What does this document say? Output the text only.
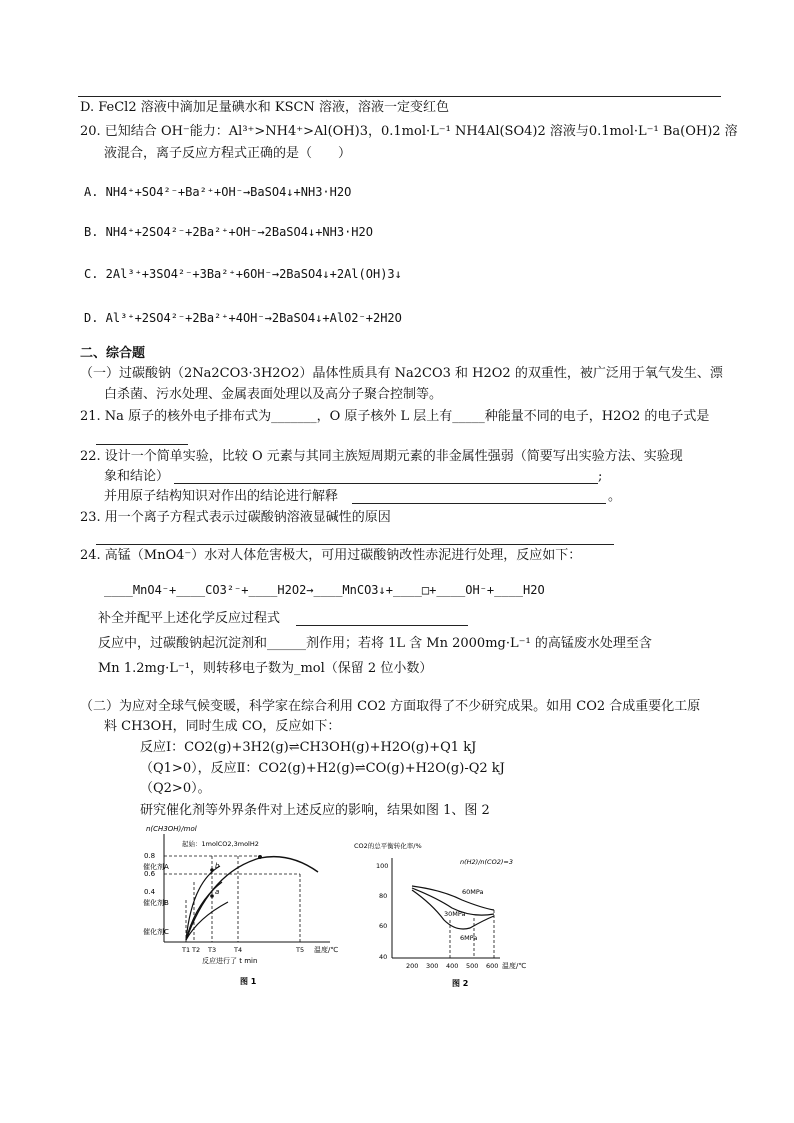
D. FeCl2 溶液中滴加足量碘水和 KSCN 溶液，溶液一定变红色
20. 已知结合 OH⁻能力：Al³⁺>NH4⁺>Al(OH)3，0.1mol·L⁻¹ NH4Al(SO4)2 溶液与0.1mol·L⁻¹ Ba(OH)2 溶
液混合，离子反应方程式正确的是（　　）
A. NH4⁺+SO4²⁻+Ba²⁺+OH⁻→BaSO4↓+NH3·H2O
B. NH4⁺+2SO4²⁻+2Ba²⁺+OH⁻→2BaSO4↓+NH3·H2O
C. 2Al³⁺+3SO4²⁻+3Ba²⁺+6OH⁻→2BaSO4↓+2Al(OH)3↓
D. Al³⁺+2SO4²⁻+2Ba²⁺+4OH⁻→2BaSO4↓+AlO2⁻+2H2O
二、综合题
（一）过碳酸钠（2Na2CO3·3H2O2）晶体性质具有 Na2CO3 和 H2O2 的双重性，被广泛用于氧气发生、漂
白杀菌、污水处理、金属表面处理以及高分子聚合控制等。
21. Na 原子的核外电子排布式为_______，O 原子核外 L 层上有_____种能量不同的电子，H2O2 的电子式是
22. 设计一个简单实验，比较 O 元素与其同主族短周期元素的非金属性强弱（简要写出实验方法、实验现
象和结论）	;
并用原子结构知识对作出的结论进行解释	。
23. 用一个离子方程式表示过碳酸钠溶液显碱性的原因
24. 高锰（MnO4⁻）水对人体危害极大，可用过碳酸钠改性赤泥进行处理，反应如下：
____MnO4⁻+____CO3²⁻+____H2O2→____MnCO3↓+____□+____OH⁻+____H2O
补全并配平上述化学反应过程式
反应中，过碳酸钠起沉淀剂和______剂作用；若将 1L 含 Mn 2000mg·L⁻¹ 的高锰废水处理至含
Mn 1.2mg·L⁻¹，则转移电子数为_mol（保留 2 位小数）
（二）为应对全球气候变暖，科学家在综合利用 CO2 方面取得了不少研究成果。如用 CO2 合成重要化工原
料 CH3OH，同时生成 CO，反应如下：
反应Ⅰ：CO2(g)+3H2(g)⇌CH3OH(g)+H2O(g)+Q1 kJ
（Q1>0），反应Ⅱ：CO2(g)+H2(g)⇌CO(g)+H2O(g)-Q2 kJ
（Q2>0）。
研究催化剂等外界条件对上述反应的影响，结果如图 1、图 2
n(CH3OH)/mol
起始：1molCO2,3molH2
0.8
0.6
0.4
催化剂A
催化剂B
催化剂C
b
a
T1 T2 T3	T4	T5 温度/℃
反应进行了 t min
图 1
CO2的总平衡转化率/%
n(H2)/n(CO2)=3
100
80
60
40
200 300 400 500 600 温度/℃
60MPa
30MPa
6MPa
图 2
